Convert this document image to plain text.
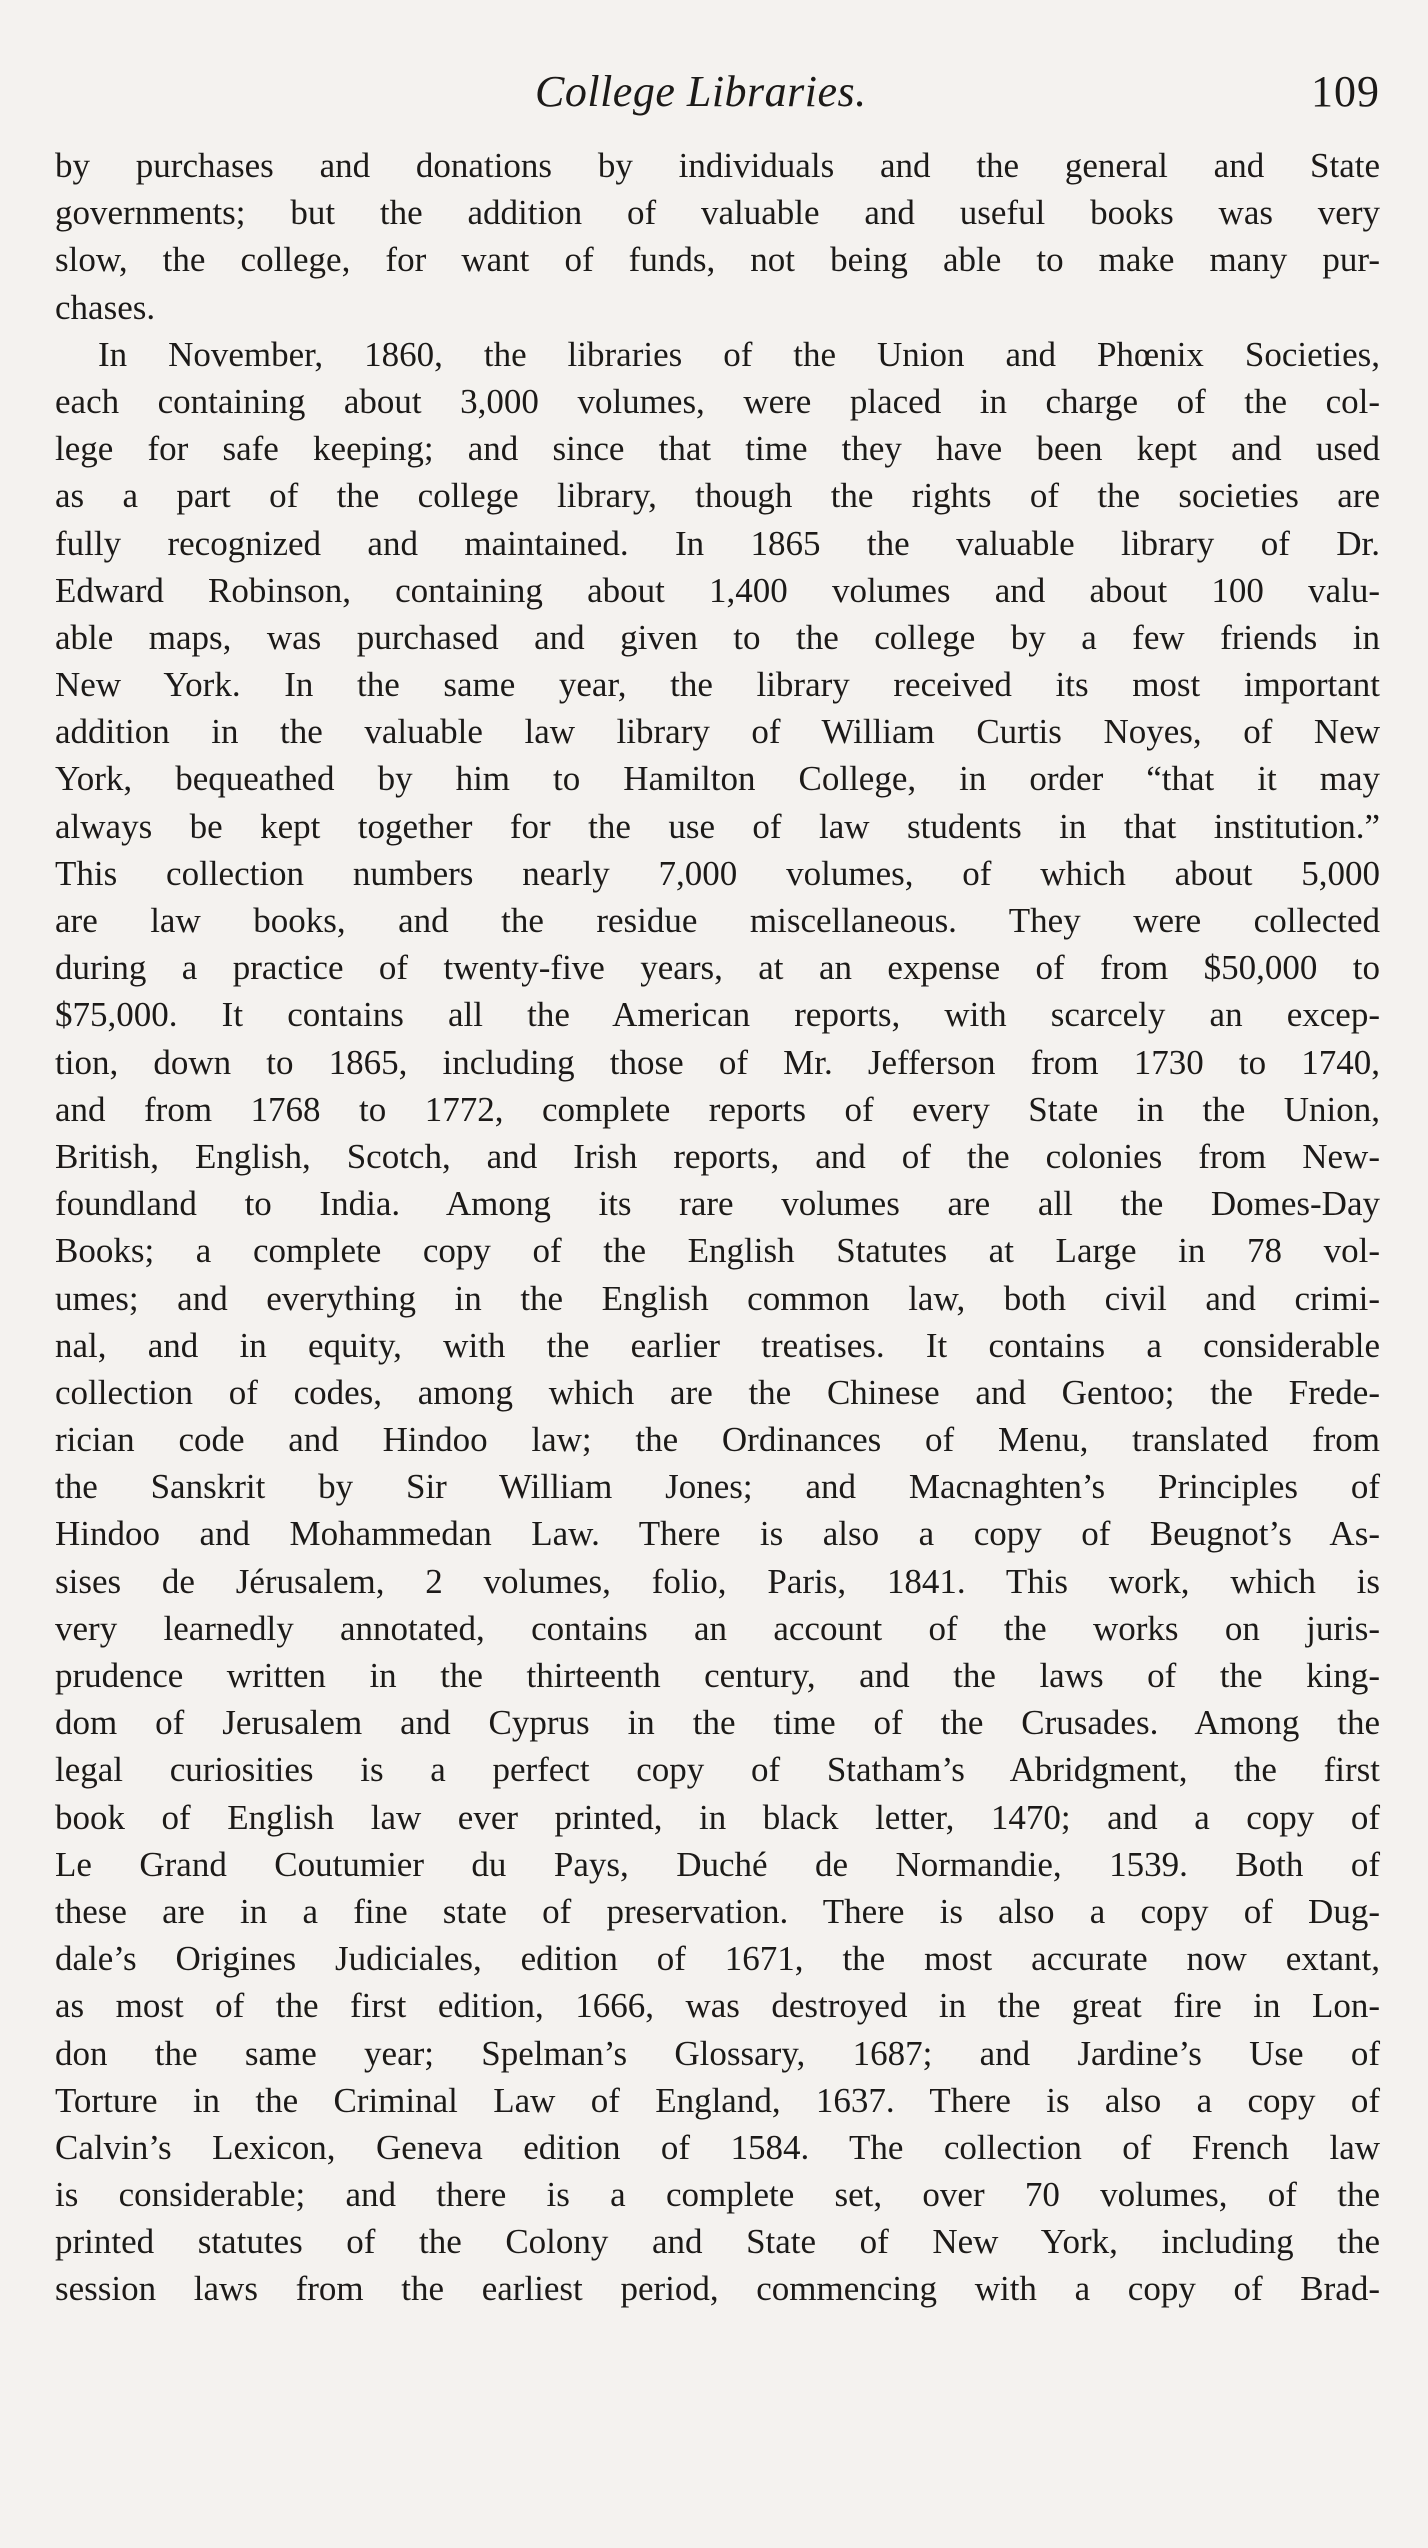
College Libraries.	109
by purchases and donations by individuals and the general and State
governments; but the addition of valuable and useful books was very
slow, the college, for want of funds, not being able to make many pur-
chases.
In November, 1860, the libraries of the Union and Phœnix Societies,
each containing about 3,000 volumes, were placed in charge of the col-
lege for safe keeping; and since that time they have been kept and used
as a part of the college library, though the rights of the societies are
fully recognized and maintained. In 1865 the valuable library of Dr.
Edward Robinson, containing about 1,400 volumes and about 100 valu-
able maps, was purchased and given to the college by a few friends in
New York. In the same year, the library received its most important
addition in the valuable law library of William Curtis Noyes, of New
York, bequeathed by him to Hamilton College, in order “that it may
always be kept together for the use of law students in that institution.”
This collection numbers nearly 7,000 volumes, of which about 5,000
are law books, and the residue miscellaneous. They were collected
during a practice of twenty-five years, at an expense of from $50,000 to
$75,000. It contains all the American reports, with scarcely an excep-
tion, down to 1865, including those of Mr. Jefferson from 1730 to 1740,
and from 1768 to 1772, complete reports of every State in the Union,
British, English, Scotch, and Irish reports, and of the colonies from New-
foundland to India. Among its rare volumes are all the Domes-Day
Books; a complete copy of the English Statutes at Large in 78 vol-
umes; and everything in the English common law, both civil and crimi-
nal, and in equity, with the earlier treatises. It contains a considerable
collection of codes, among which are the Chinese and Gentoo; the Frede-
rician code and Hindoo law; the Ordinances of Menu, translated from
the Sanskrit by Sir William Jones; and Macnaghten’s Principles of
Hindoo and Mohammedan Law. There is also a copy of Beugnot’s As-
sises de Jérusalem, 2 volumes, folio, Paris, 1841. This work, which is
very learnedly annotated, contains an account of the works on juris-
prudence written in the thirteenth century, and the laws of the king-
dom of Jerusalem and Cyprus in the time of the Crusades. Among the
legal curiosities is a perfect copy of Statham’s Abridgment, the first
book of English law ever printed, in black letter, 1470; and a copy of
Le Grand Coutumier du Pays, Duché de Normandie, 1539. Both of
these are in a fine state of preservation. There is also a copy of Dug-
dale’s Origines Judiciales, edition of 1671, the most accurate now extant,
as most of the first edition, 1666, was destroyed in the great fire in Lon-
don the same year; Spelman’s Glossary, 1687; and Jardine’s Use of
Torture in the Criminal Law of England, 1637. There is also a copy of
Calvin’s Lexicon, Geneva edition of 1584. The collection of French law
is considerable; and there is a complete set, over 70 volumes, of the
printed statutes of the Colony and State of New York, including the
session laws from the earliest period, commencing with a copy of Brad-
